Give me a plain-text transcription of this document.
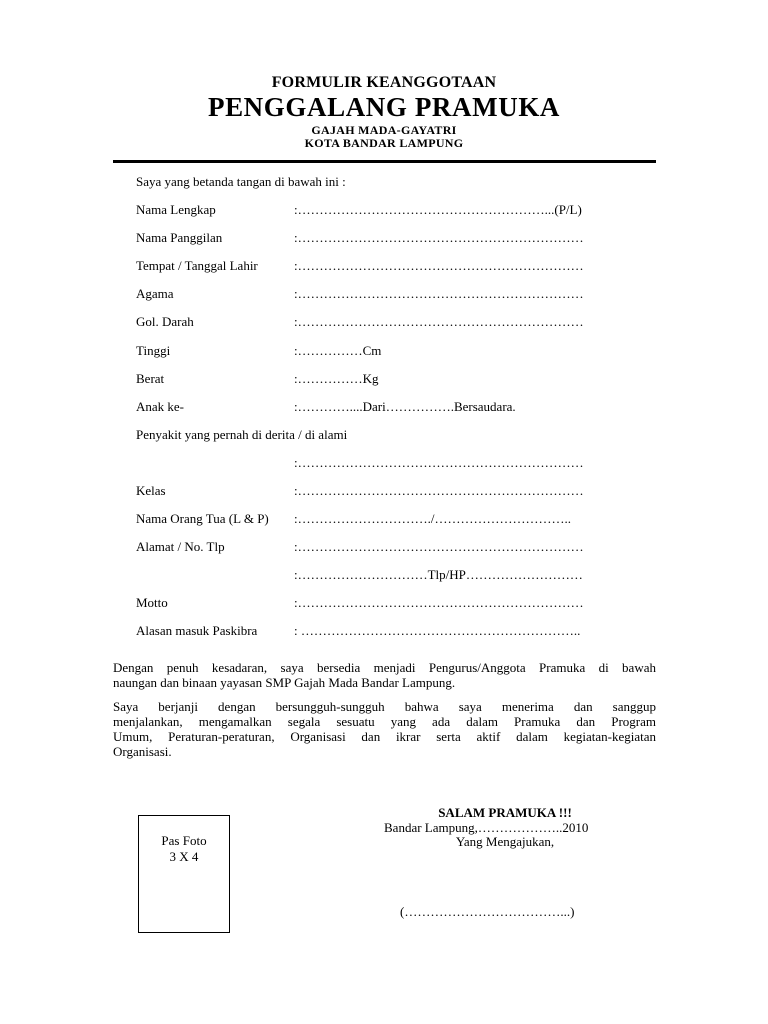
FORMULIR KEANGGOTAAN
PENGGALANG PRAMUKA
GAJAH MADA-GAYATRI
KOTA BANDAR LAMPUNG
Saya yang betanda tangan di bawah ini :
Nama Lengkap	:…………………………………………………...(P/L)
Nama Panggilan	:…………………………………………………………
Tempat / Tanggal Lahir	:…………………………………………………………
Agama	:…………………………………………………………
Gol. Darah	:…………………………………………………………
Tinggi	:……………Cm
Berat	:……………Kg
Anak ke-	:…………....Dari…………….Bersaudara.
Penyakit yang pernah di derita / di alami
:…………………………………………………………
Kelas	:…………………………………………………………
Nama Orang Tua (L & P) :…………………………./…………………………..
Alamat / No. Tlp	:…………………………………………………………
:…………………………Tlp/HP………………………
Motto	:…………………………………………………………
Alasan masuk Paskibra	: ………………………………………………………..
Dengan penuh kesadaran, saya bersedia menjadi Pengurus/Anggota Pramuka di bawah
naungan dan binaan yayasan SMP Gajah Mada Bandar Lampung.
Saya berjanji dengan bersungguh-sungguh bahwa saya menerima dan sanggup
menjalankan, mengamalkan segala sesuatu yang ada dalam Pramuka dan Program
Umum, Peraturan-peraturan, Organisasi dan ikrar serta aktif dalam kegiatan-kegiatan
Organisasi.
Pas Foto
3 X 4
SALAM PRAMUKA !!!
Bandar Lampung,………………..2010
Yang Mengajukan,
(………………………………...)
